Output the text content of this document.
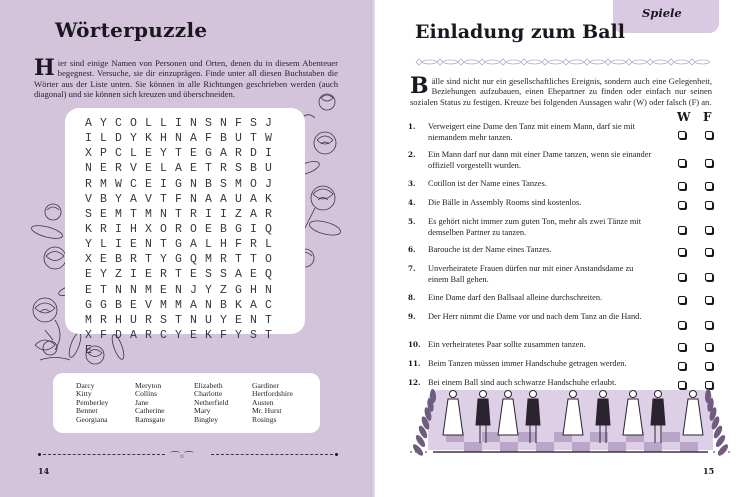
Wörterpuzzle
Hier sind einige Namen von Personen und Orten, denen du in diesem Abenteuer begegnest. Versuche, sie dir einzuprägen. Finde unter all diesen Buchstaben die Wörter aus der Liste unten. Sie können in alle Richtungen geschrieben werden (auch diagonal) und sie können sich kreuzen und überschneiden.
A Y C O L L I N S N F S J
I L D Y K H N A F B U T W
X P C L E Y T E G A R D I
N E R V E L A E T R S B U
R M W C E I G N B S M O J
V B Y A V T F N A A U A K
S E M T M N T R I I Z A R
K R I H X O R O E B G I Q
Y L I E N T G A L H F R L
X E B R T Y G Q M R T T O
E Y Z I E R T E S S A E Q
E T N N M E N J Y Z G H N
G G B E V M M A N B K A C
M R H U R S T N U Y E N T
X F D A R C Y E K F Y S T
E
Darcy
Kitty
Pemberley
Bennet
Georgiana
Meryton
Collins
Jane
Catherine
Ramsgate
Elizabeth
Charlotte
Netherfield
Mary
Bingley
Gardiner
Hertfordshire
Austen
Mr. Hurst
Rosings
⌒◦⌒
14
Spiele
Einladung zum Ball
Bälle sind nicht nur ein gesellschaftliches Ereignis, sondern auch eine Gelegenheit, Beziehungen aufzubauen, einen Ehepartner zu finden oder einfach nur seinen sozialen Status zu festigen. Kreuze bei folgenden Aussagen wahr (W) oder falsch (F) an.
W F
1. Verweigert eine Dame den Tanz mit einem Mann, darf sie mit niemandem mehr tanzen.
2. Ein Mann darf nur dann mit einer Dame tanzen, wenn sie einander offiziell vorgestellt wurden.
3. Cotillon ist der Name eines Tanzes.
4. Die Bälle in Assembly Rooms sind kostenlos.
5. Es gehört nicht immer zum guten Ton, mehr als zwei Tänze mit demselben Partner zu tanzen.
6. Barouche ist der Name eines Tanzes.
7. Unverheiratete Frauen dürfen nur mit einer Anstandsdame zu einem Ball gehen.
8. Eine Dame darf den Ballsaal alleine durchschreiten.
9. Der Herr nimmt die Dame vor und nach dem Tanz an die Hand.
10. Ein verheiratetes Paar sollte zusammen tanzen.
11. Beim Tanzen müssen immer Handschuhe getragen werden.
12. Bei einem Ball sind auch schwarze Handschuhe erlaubt.
15
